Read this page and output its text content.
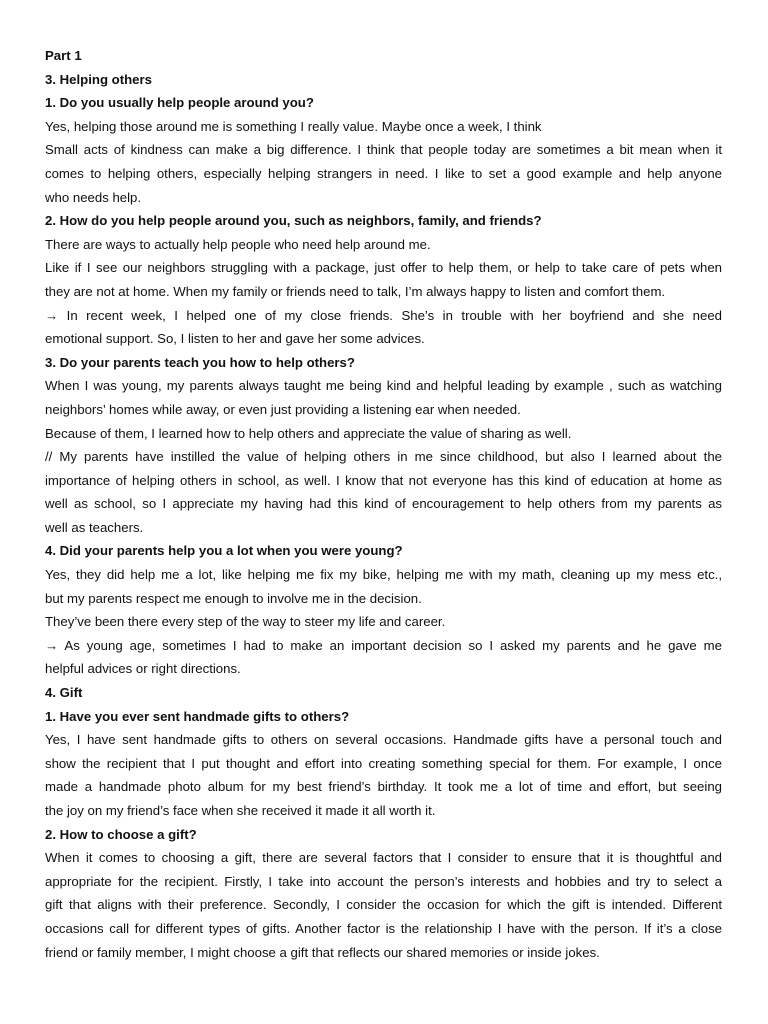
Part 1
3. Helping others
1. Do you usually help people around you?
Yes, helping those around me is something I really value. Maybe once a week, I think
Small acts of kindness can make a big difference. I think that people today are sometimes a bit mean when it
comes to helping others, especially helping strangers in need. I like to set a good example and help anyone
who needs help.
2. How do you help people around you, such as neighbors, family, and friends?
There are ways to actually help people who need help around me.
Like if I see our neighbors struggling with a package, just offer to help them, or help to take care of pets when
they are not at home. When my family or friends need to talk, I’m always happy to listen and comfort them.
→ In recent week, I helped one of my close friends. She’s in trouble with her boyfriend and she need
emotional support. So, I listen to her and gave her some advices.
3. Do your parents teach you how to help others?
When I was young, my parents always taught me being kind and helpful leading by example , such as watching
neighbors’ homes while away, or even just providing a listening ear when needed.
Because of them, I learned how to help others and appreciate the value of sharing as well.
// My parents have instilled the value of helping others in me since childhood, but also I learned about the
importance of helping others in school, as well. I know that not everyone has this kind of education at home as
well as school, so I appreciate my having had this kind of encouragement to help others from my parents as
well as teachers.
4. Did your parents help you a lot when you were young?
Yes, they did help me a lot, like helping me fix my bike, helping me with my math, cleaning up my mess etc.,
but my parents respect me enough to involve me in the decision.
They’ve been there every step of the way to steer my life and career.
→ As young age, sometimes I had to make an important decision so I asked my parents and he gave me
helpful advices or right directions.
4. Gift
1. Have you ever sent handmade gifts to others?
Yes, I have sent handmade gifts to others on several occasions. Handmade gifts have a personal touch and
show the recipient that I put thought and effort into creating something special for them. For example, I once
made a handmade photo album for my best friend’s birthday. It took me a lot of time and effort, but seeing
the joy on my friend’s face when she received it made it all worth it.
2. How to choose a gift?
When it comes to choosing a gift, there are several factors that I consider to ensure that it is thoughtful and
appropriate for the recipient. Firstly, I take into account the person’s interests and hobbies and try to select a
gift that aligns with their preference. Secondly, I consider the occasion for which the gift is intended. Different
occasions call for different types of gifts. Another factor is the relationship I have with the person. If it’s a close
friend or family member, I might choose a gift that reflects our shared memories or inside jokes.
